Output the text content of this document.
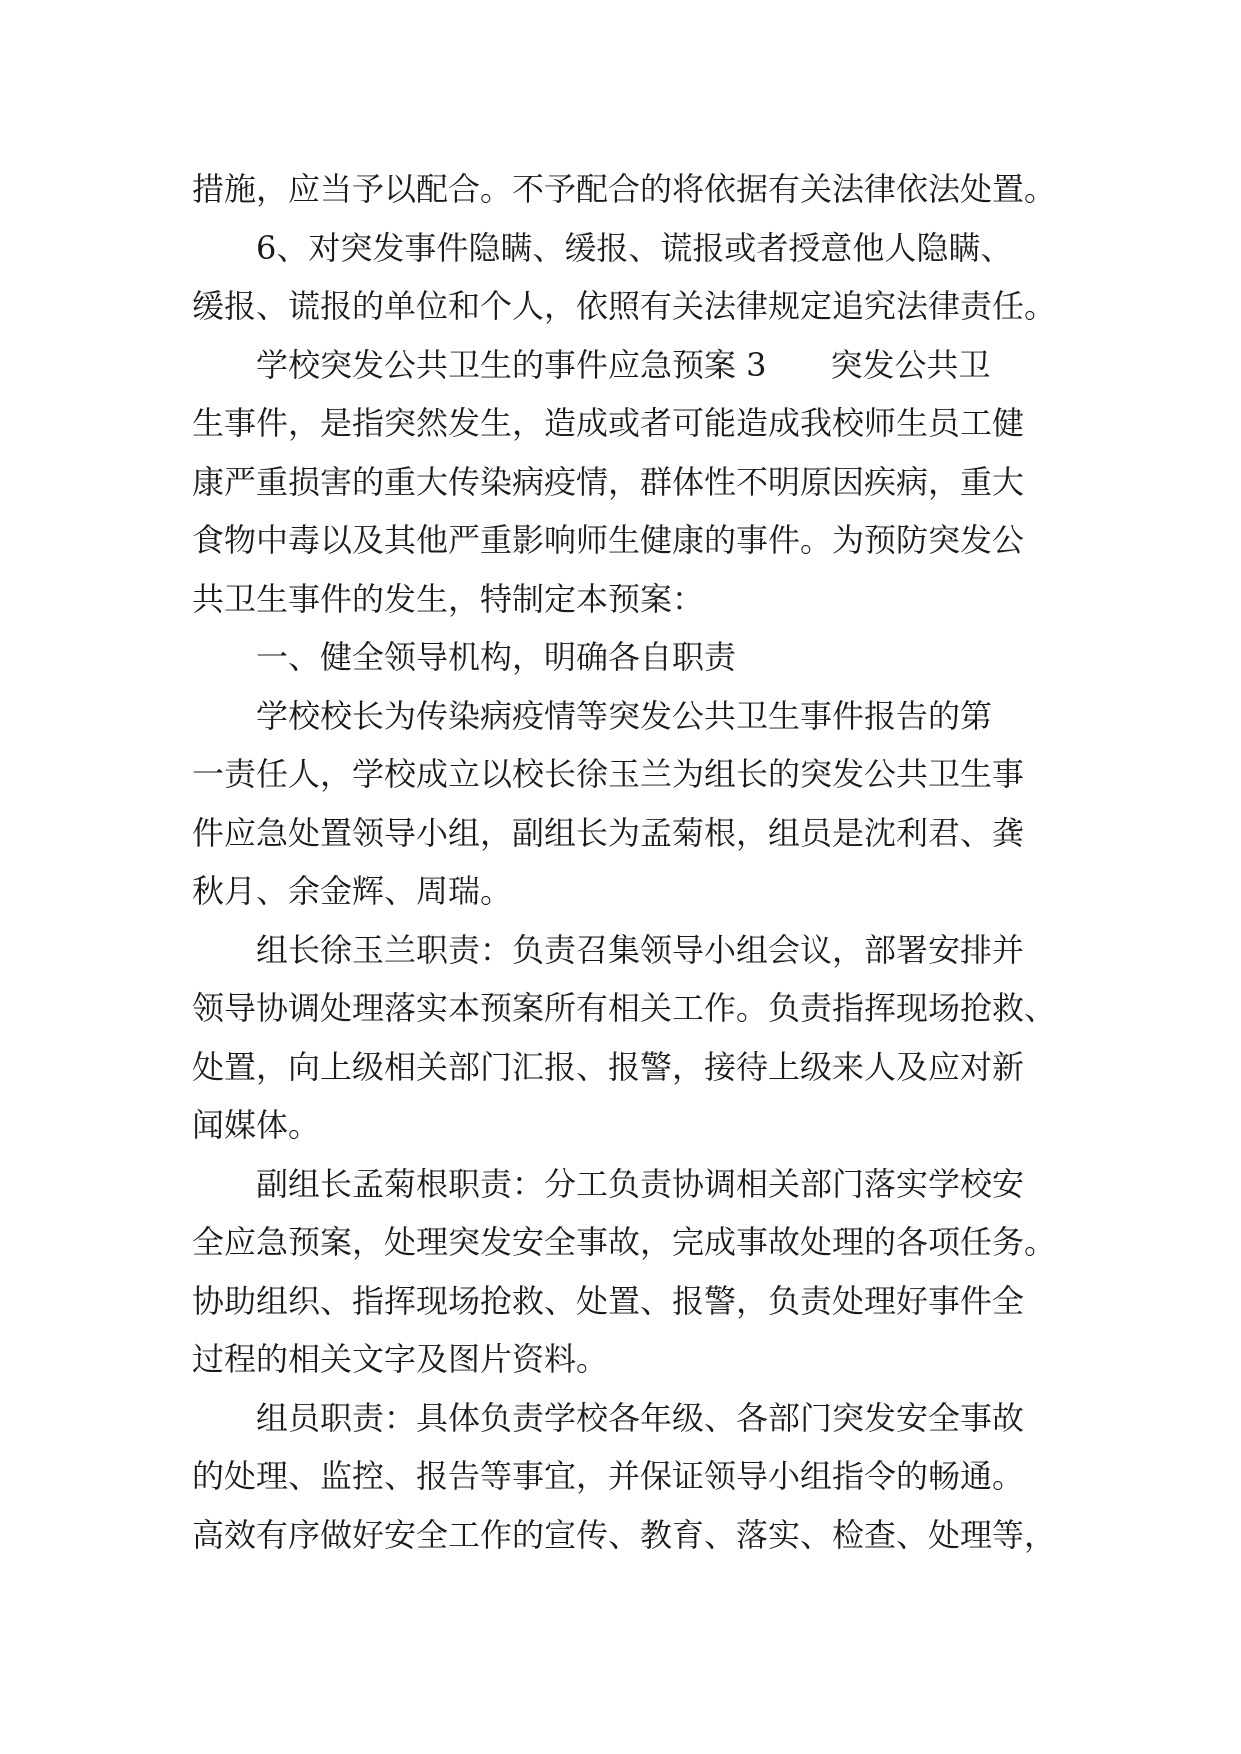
措施，应当予以配合。不予配合的将依据有关法律依法处置。
6、对突发事件隐瞒、缓报、谎报或者授意他人隐瞒、
缓报、谎报的单位和个人，依照有关法律规定追究法律责任。
学校突发公共卫生的事件应急预案 3 突发公共卫
生事件，是指突然发生，造成或者可能造成我校师生员工健
康严重损害的重大传染病疫情，群体性不明原因疾病，重大
食物中毒以及其他严重影响师生健康的事件。为预防突发公
共卫生事件的发生，特制定本预案：
一、健全领导机构，明确各自职责
学校校长为传染病疫情等突发公共卫生事件报告的第
一责任人，学校成立以校长徐玉兰为组长的突发公共卫生事
件应急处置领导小组，副组长为孟菊根，组员是沈利君、龚
秋月、余金辉、周瑞。
组长徐玉兰职责：负责召集领导小组会议，部署安排并
领导协调处理落实本预案所有相关工作。负责指挥现场抢救、
处置，向上级相关部门汇报、报警，接待上级来人及应对新
闻媒体。
副组长孟菊根职责：分工负责协调相关部门落实学校安
全应急预案，处理突发安全事故，完成事故处理的各项任务。
协助组织、指挥现场抢救、处置、报警，负责处理好事件全
过程的相关文字及图片资料。
组员职责：具体负责学校各年级、各部门突发安全事故
的处理、监控、报告等事宜，并保证领导小组指令的畅通。
高效有序做好安全工作的宣传、教育、落实、检查、处理等，
